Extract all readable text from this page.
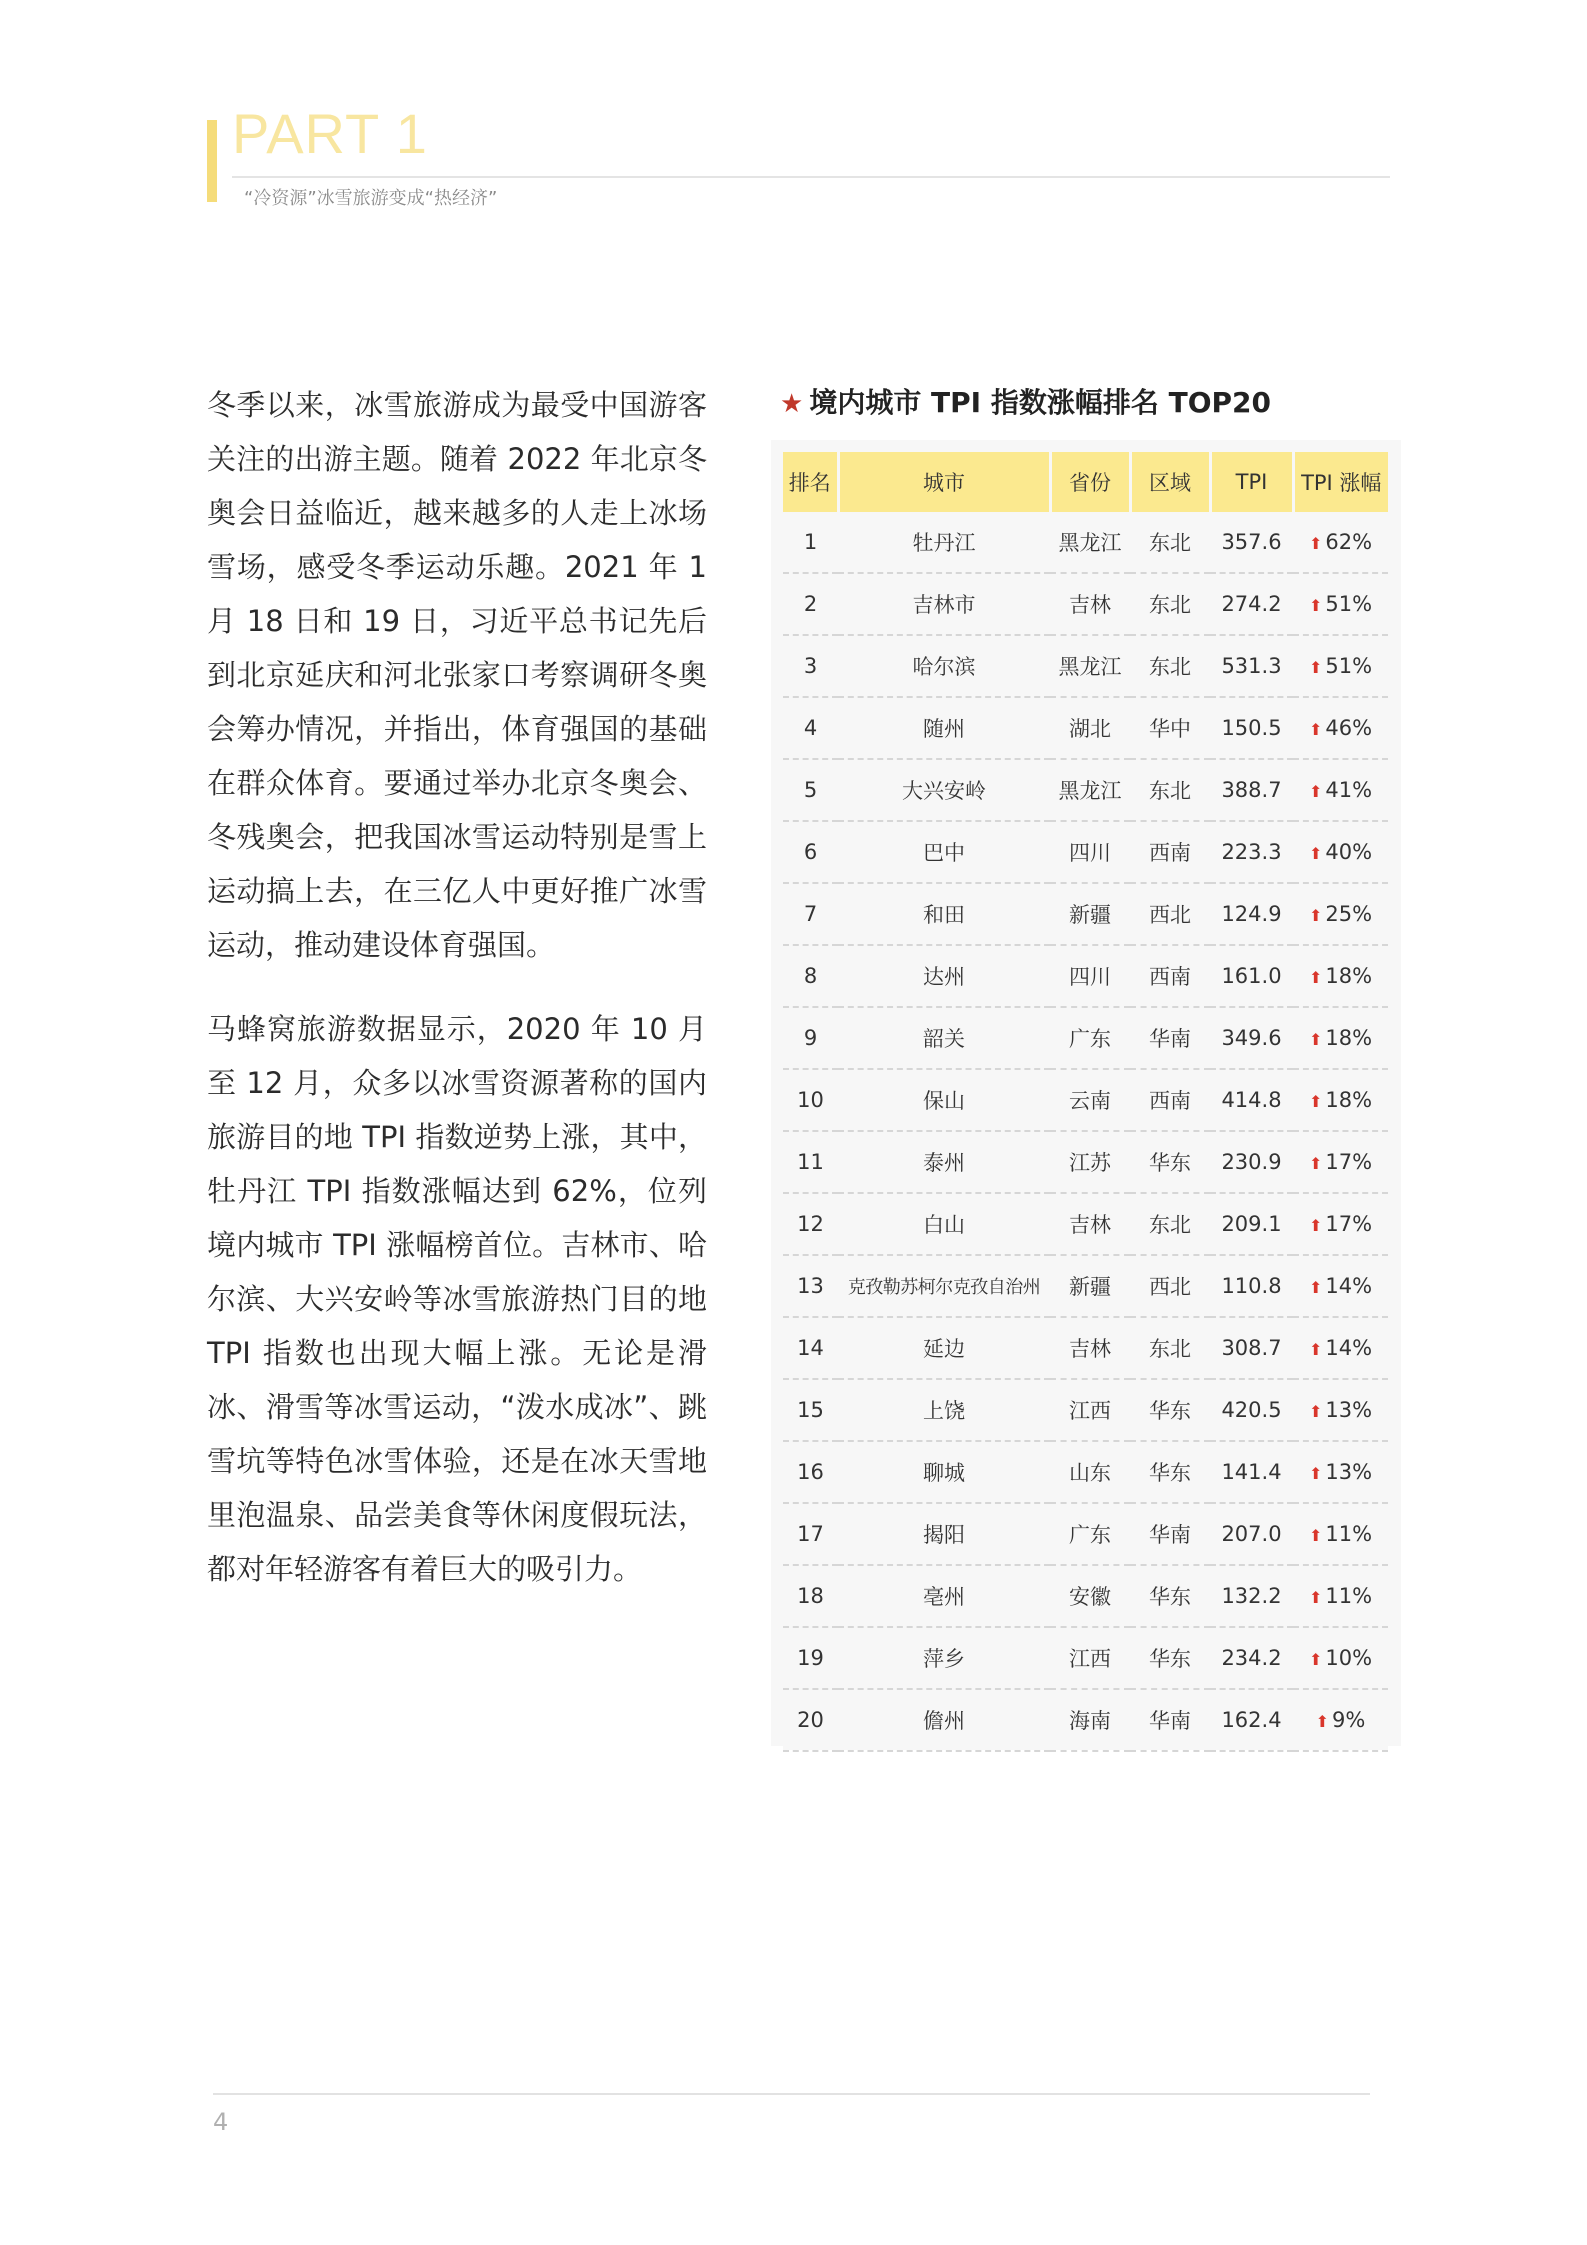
PART 1
“冷资源”冰雪旅游变成“热经济”

冬季以来，冰雪旅游成为最受中国游客关注的出游主题。随着 2022 年北京冬奥会日益临近，越来越多的人走上冰场雪场，感受冬季运动乐趣。2021 年 1 月 18 日和 19 日，习近平总书记先后到北京延庆和河北张家口考察调研冬奥会筹办情况，并指出，体育强国的基础在群众体育。要通过举办北京冬奥会、冬残奥会，把我国冰雪运动特别是雪上运动搞上去，在三亿人中更好推广冰雪运动，推动建设体育强国。

马蜂窝旅游数据显示，2020 年 10 月至 12 月，众多以冰雪资源著称的国内旅游目的地 TPI 指数逆势上涨，其中，牡丹江 TPI 指数涨幅达到 62%，位列境内城市 TPI 涨幅榜首位。吉林市、哈尔滨、大兴安岭等冰雪旅游热门目的地 TPI 指数也出现大幅上涨。无论是滑冰、滑雪等冰雪运动，“泼水成冰”、跳雪坑等特色冰雪体验，还是在冰天雪地里泡温泉、品尝美食等休闲度假玩法，都对年轻游客有着巨大的吸引力。

★ 境内城市 TPI 指数涨幅排名 TOP20
排名	城市	省份	区域	TPI	TPI 涨幅
1	牡丹江	黑龙江	东北	357.6	⬆ 62%
2	吉林市	吉林	东北	274.2	⬆ 51%
3	哈尔滨	黑龙江	东北	531.3	⬆ 51%
4	随州	湖北	华中	150.5	⬆ 46%
5	大兴安岭	黑龙江	东北	388.7	⬆ 41%
6	巴中	四川	西南	223.3	⬆ 40%
7	和田	新疆	西北	124.9	⬆ 25%
8	达州	四川	西南	161.0	⬆ 18%
9	韶关	广东	华南	349.6	⬆ 18%
10	保山	云南	西南	414.8	⬆ 18%
11	泰州	江苏	华东	230.9	⬆ 17%
12	白山	吉林	东北	209.1	⬆ 17%
13	克孜勒苏柯尔克孜自治州	新疆	西北	110.8	⬆ 14%
14	延边	吉林	东北	308.7	⬆ 14%
15	上饶	江西	华东	420.5	⬆ 13%
16	聊城	山东	华东	141.4	⬆ 13%
17	揭阳	广东	华南	207.0	⬆ 11%
18	亳州	安徽	华东	132.2	⬆ 11%
19	萍乡	江西	华东	234.2	⬆ 10%
20	儋州	海南	华南	162.4	⬆ 9%
4
